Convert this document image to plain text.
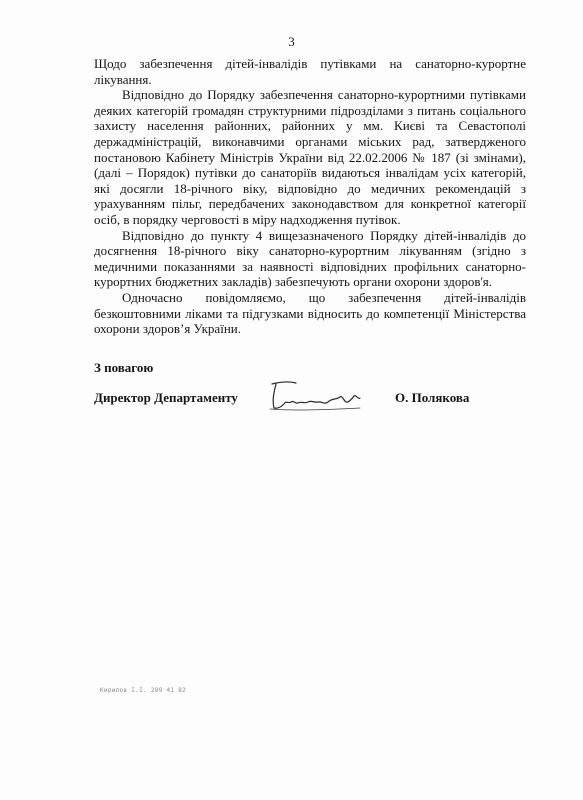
3

Щодо забезпечення дітей-інвалідів путівками на санаторно-курортне лікування.

Відповідно до Порядку забезпечення санаторно-курортними путівками деяких категорій громадян структурними підрозділами з питань соціального захисту населення районних, районних у мм. Києві та Севастополі держадміністрацій, виконавчими органами міських рад, затвердженого постановою Кабінету Міністрів України від 22.02.2006 № 187 (зі змінами), (далі – Порядок) путівки до санаторіїв видаються інвалідам усіх категорій, які досягли 18-річного віку, відповідно до медичних рекомендацій з урахуванням пільг, передбачених законодавством для конкретної категорії осіб, в порядку черговості в міру надходження путівок.

Відповідно до пункту 4 вищезазначеного Порядку дітей-інвалідів до досягнення 18-річного віку санаторно-курортним лікуванням (згідно з медичними показаннями за наявності відповідних профільних санаторно-курортних бюджетних закладів) забезпечують органи охорони здоров'я.

Одночасно повідомляємо, що забезпечення дітей-інвалідів безкоштовними ліками та підгузками відносить до компетенції Міністерства охорони здоров’я України.

З повагою
Директор Департаменту	О. Полякова
Кирилов І.І. 289 41 82
